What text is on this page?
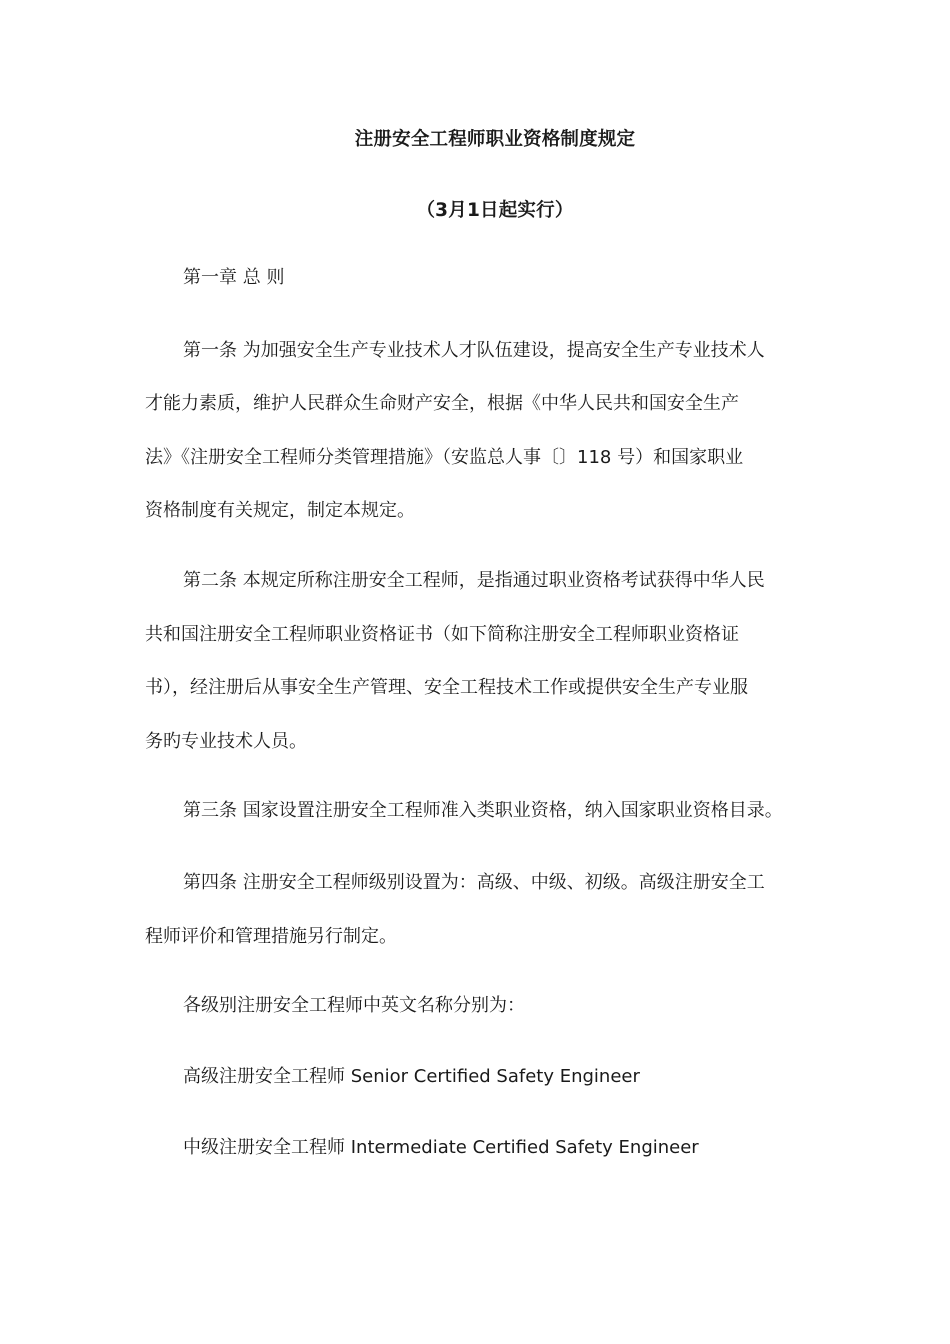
注册安全工程师职业资格制度规定
（3月1日起实行）
第一章 总 则
第一条 为加强安全生产专业技术人才队伍建设，提高安全生产专业技术人
才能力素质，维护人民群众生命财产安全，根据《中华人民共和国安全生产
法》《注册安全工程师分类管理措施》（安监总人事〔〕118 号）和国家职业
资格制度有关规定，制定本规定。
第二条 本规定所称注册安全工程师，是指通过职业资格考试获得中华人民
共和国注册安全工程师职业资格证书（如下简称注册安全工程师职业资格证
书），经注册后从事安全生产管理、安全工程技术工作或提供安全生产专业服
务旳专业技术人员。
第三条 国家设置注册安全工程师准入类职业资格，纳入国家职业资格目录。
第四条 注册安全工程师级别设置为：高级、中级、初级。高级注册安全工
程师评价和管理措施另行制定。
各级别注册安全工程师中英文名称分别为：
高级注册安全工程师 Senior Certified Safety Engineer
中级注册安全工程师 Intermediate Certified Safety Engineer
